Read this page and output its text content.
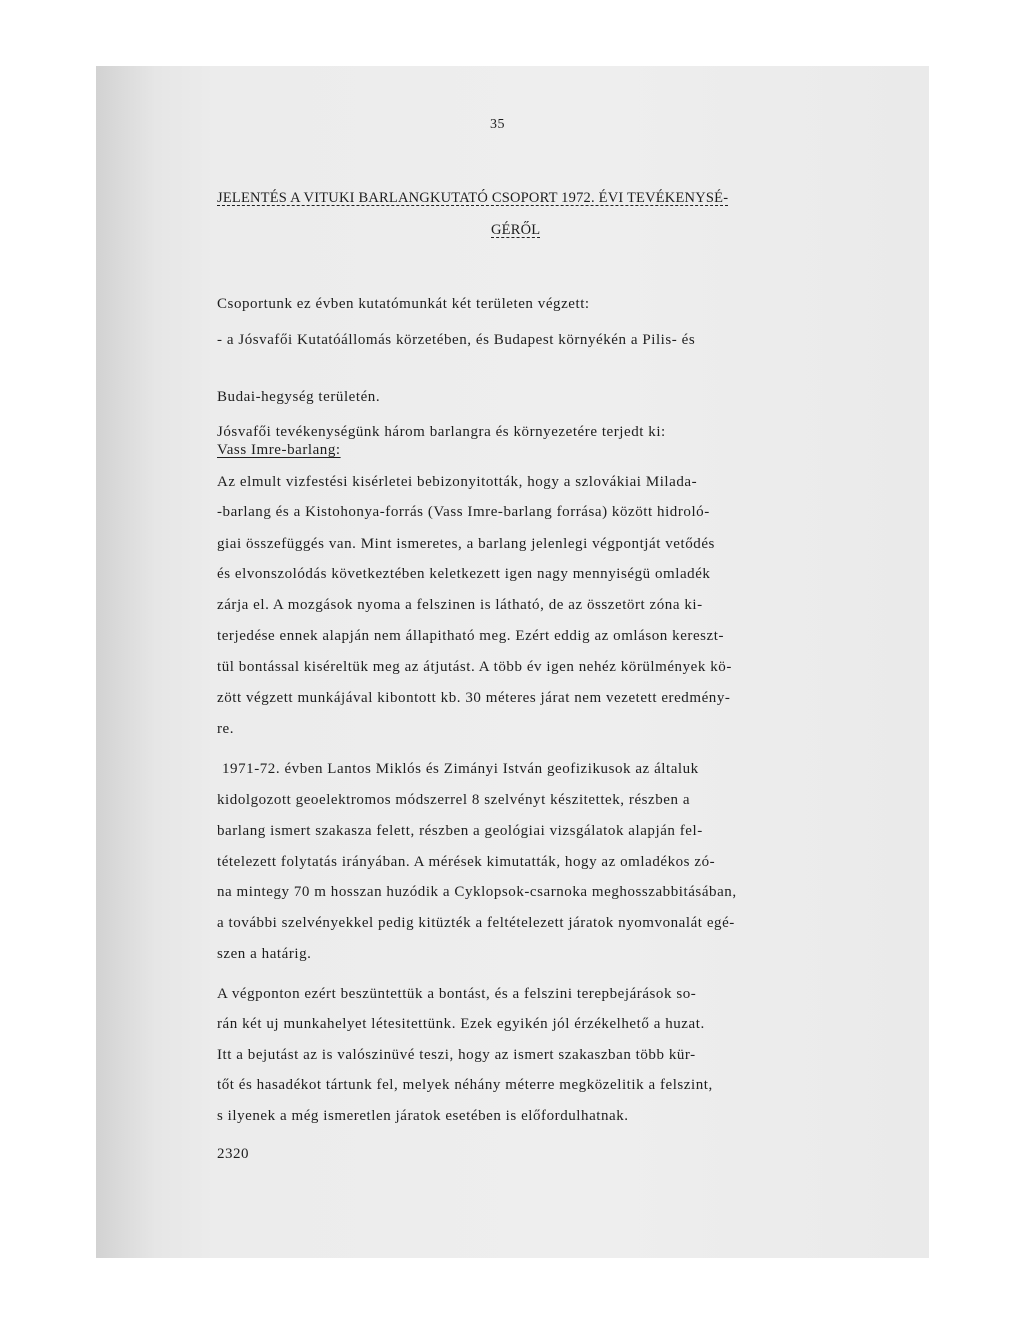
35
JELENTÉS A VITUKI BARLANGKUTATÓ CSOPORT 1972. ÉVI TEVÉKENYSÉ-
GÉRŐL
Csoportunk ez évben kutatómunkát két területen végzett:
- a Jósvafői Kutatóállomás körzetében, és Budapest környékén a Pilis- és
Budai-hegység területén.
Jósvafői tevékenységünk három barlangra és környezetére terjedt ki:
Vass Imre-barlang:
Az elmult vizfestési kisérletei bebizonyitották, hogy a szlovákiai Milada-
-barlang és a Kistohonya-forrás (Vass Imre-barlang forrása) között hidroló-
giai összefüggés van. Mint ismeretes, a barlang jelenlegi végpontját vetődés
és elvonszolódás következtében keletkezett igen nagy mennyiségü omladék
zárja el. A mozgások nyoma a felszinen is látható, de az összetört zóna ki-
terjedése ennek alapján nem állapitható meg. Ezért eddig az omláson kereszt-
tül bontással kiséreltük meg az átjutást. A több év igen nehéz körülmények kö-
zött végzett munkájával kibontott kb. 30 méteres járat nem vezetett eredmény-
re.
1971-72. évben Lantos Miklós és Zimányi István geofizikusok az általuk
kidolgozott geoelektromos módszerrel 8 szelvényt készitettek, részben a
barlang ismert szakasza felett, részben a geológiai vizsgálatok alapján fel-
tételezett folytatás irányában. A mérések kimutatták, hogy az omladékos zó-
na mintegy 70 m hosszan huzódik a Cyklopsok-csarnoka meghosszabbitásában,
a további szelvényekkel pedig kitüzték a feltételezett járatok nyomvonalát egé-
szen a határig.
A végponton ezért beszüntettük a bontást, és a felszini terepbejárások so-
rán két uj munkahelyet létesitettünk. Ezek egyikén jól érzékelhető a huzat.
Itt a bejutást az is valószinüvé teszi, hogy az ismert szakaszban több kür-
tőt és hasadékot tártunk fel, melyek néhány méterre megközelitik a felszint,
s ilyenek a még ismeretlen járatok esetében is előfordulhatnak.
2320
